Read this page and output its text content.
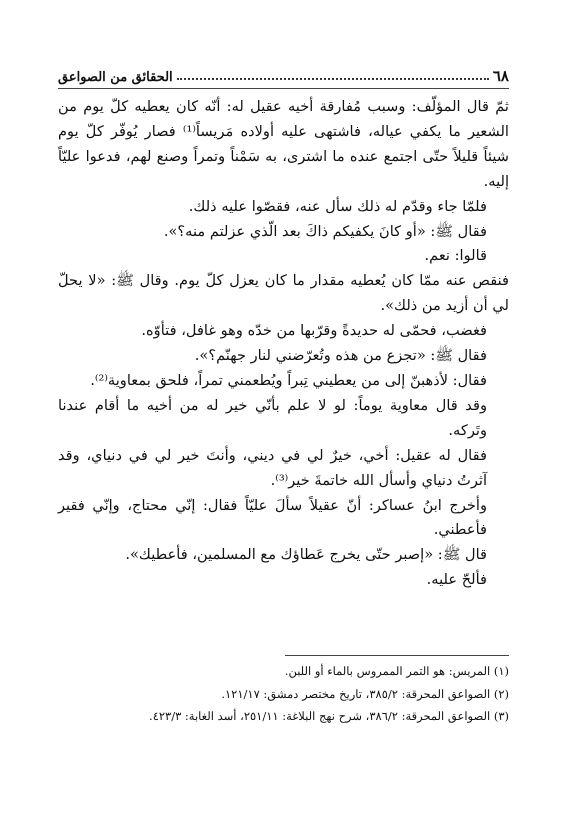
٦٨
الحقائق من الصواعق

ثمّ قال المؤلّف: وسبب مُفارقة أخيه عقيل له: أنّه كان يعطيه كلّ يوم من الشعير ما يكفي عياله، فاشتهى عليه أولاده مَريساً⁽¹⁾ فصار يُوفّر كلّ يوم شيئاً قليلاً حتّى اجتمع عنده ما اشترى، به سَمْناً وتمراً وصنع لهم، فدعوا عليّاً إليه.

فلمّا جاء وقدّم له ذلك سأل عنه، فقصّوا عليه ذلك.

فقال ﷺ: «أو كانَ يكفيكم ذاكَ بعد الّذي عزلتم منه؟».

قالوا: نعم.

فنقص عنه ممّا كان يُعطيه مقدار ما كان يعزل كلّ يوم. وقال ﷺ: «لا يحلّ لي أن أزيد من ذلك».

فغضب، فحمّى له حديدةً وقرّبها من خدّه وهو غافل، فتأوّه.

فقال ﷺ: «تجزع من هذه وتُعرّضني لنار جهنّم؟».

فقال: لأذهبنّ إلى من يعطيني تِبراً ويُطعمني تمراً، فلحق بمعاوية⁽²⁾.

وقد قال معاوية يوماً: لو لا علم بأنّي خير له من أخيه ما أقام عندنا وتَركه.

فقال له عقيل: أخي، خيرٌ لي في ديني، وأنتَ خير لي في دنياي، وقد آثرتُ دنياي وأسأل الله خاتمةَ خير⁽³⁾.

وأخرج ابنُ عساكر: أنّ عقيلاً سألَ عليّاً فقال: إنّي محتاج، وإنّي فقير فأعطني.

قال ﷺ: «إصبر حتّى يخرج عَطاؤك مع المسلمين، فأعطيك».

فألحّ عليه.

(١) المريس: هو التمر الممروس بالماء أو اللبن.
(٢) الصواعق المحرقة: ٣٨٥/٢، تاريخ مختصر دمشق: ١٢١/١٧.
(٣) الصواعق المحرقة: ٣٨٦/٢، شرح نهج البلاغة: ٢٥١/١١، أسد الغابة: ٤٢٣/٣.
